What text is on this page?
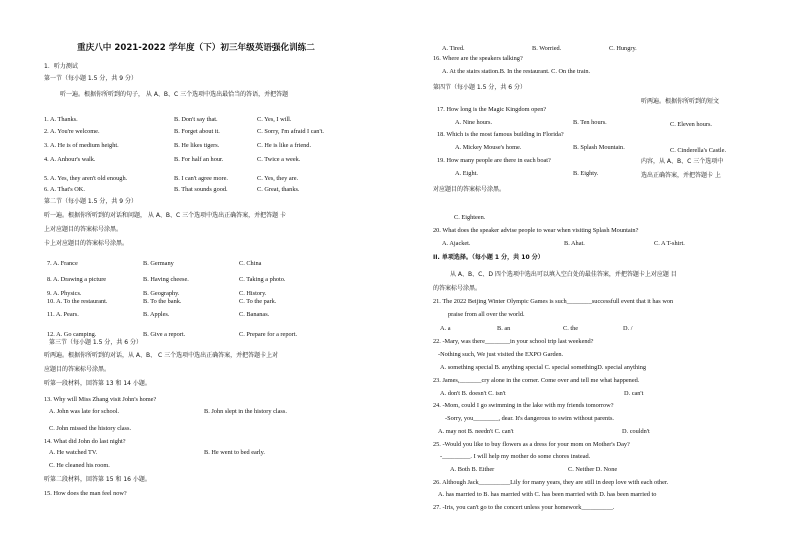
重庆八中 2021-2022 学年度（下）初三年级英语强化训练二
1．听力测试
第一节（每小题 1.5 分，共 9 分）
听一遍。根据你所听到的句子， 从 A、B、C 三个选项中选出最恰当的答语，并把答题
1. A. Thanks.	B. Don't say that.	C. Yes, I will.
2. A. You're welcome.	B. Forget about it.	C. Sorry, I'm afraid I can't.
3. A. He is of medium height.	B. He likes tigers.	C. He is like a friend.
4. A. Anhour's walk.	B. For half an hour.	C. Twice a week.
5. A. Yes, they aren't old enough.	B. I can't agree more.	C. Yes, they are.
6. A. That's OK.	B. That sounds good.	C. Great, thanks.
第二节（每小题 1.5 分，共 9 分）
听一遍。根据你所听到的对话和问题， 从 A、B、C 三个选项中选出正确答案，并把答题 卡
上对应题目的答案标号涂黑。
卡上对应题目的答案标号涂黑。
7. A. France	B. Germany	C. China
8. A. Drawing a picture	B. Having cheese.	C. Taking a photo.
9. A. Physics.	B. Geography.	C. History.
10. A. To the restaurant.	B. To the bank.	C. To the park.
11. A. Pears.	B. Apples.	C. Bananas.
12. A. Go camping.	B. Give a report.	C. Prepare for a report.
第三节（每小题 1.5 分，共 6 分）
听两遍。根据你所听到的对话，从 A、B、 C 三个选项中选出正确答案，并把答题卡上对
应题目的答案标号涂黑。
听第一段材料，回答第 13 和 14 小题。
13. Why will Miss Zhang visit John's home?
A. John was late for school.	B. John slept in the history class.
C. John missed the history class.
14. What did John do last night?
A. He watched TV.	B. He went to bed early.
C. He cleaned his room.
听第二段材料，回答第 15 和 16 小题。
15. How does the man feel now?
A. Tired.	B. Worried.	C. Hungry.
16. Where are the speakers talking?
A. At the stairs station.B. In the restaurant. C. On the train.
第四节（每小题 1.5 分，共 6 分）
听两遍。根据你所听到的短文
17. How long is the Magic Kingdom open?
A. Nine hours.	B. Ten hours.	C. Eleven hours.
18. Which is the most famous building in Florida?
A. Mickey Mouse's home.	B. Splash Mountain.	C. Cinderella's Castle.
内容，从 A、B、C 三个选项中
19. How many people are there in each boat?
A. Eight.	B. Eighty.	选出正确答案，并把答题卡 上
对应题目的答案标号涂黑。
C. Eighteen.
20. What does the speaker advise people to wear when visiting Splash Mountain?
A. Ajacket.	B. Ahat.	C. A T-shirt.
II. 单项选择。（每小题 1 分，共 10 分）
从 A、B、C、D 四个选项中选出可以填入空白处的最佳答案，并把答题卡上对应题 目
的答案标号涂黑。
21. The 2022 Beijing Winter Olympic Games is such________successfull event that it has won
praise from all over the world.
A. a	B. an	C. the	D. /
22. -Mary, was there________in your school trip last weekend?
-Nothing such, We just visited the EXPO Garden.
A. something special B. anything special C. special somethingD. special anything
23. James,_______cry alone in the corner. Come over and tell me what happened.
A. don't B. doesn't C. isn't	D. can't
24. -Mom, could I go swimming in the lake with my friends tomorrow?
-Sorry, you________, dear. It's dangerous to swim without parents.
A. may not B. needn't C. can't	D. couldn't
25. -Would you like to buy flowers as a dress for your mom on Mother's Day?
-_________. I will help my mother do some chores instead.
A. Both B. Either	C. Neither D. None
26. Although Jack__________Lily for many years, they are still in deep love with each other.
A. has married to B. has married with C. has been married with D. has been married to
27. -Iris, you can't go to the concert unless your homework__________.
